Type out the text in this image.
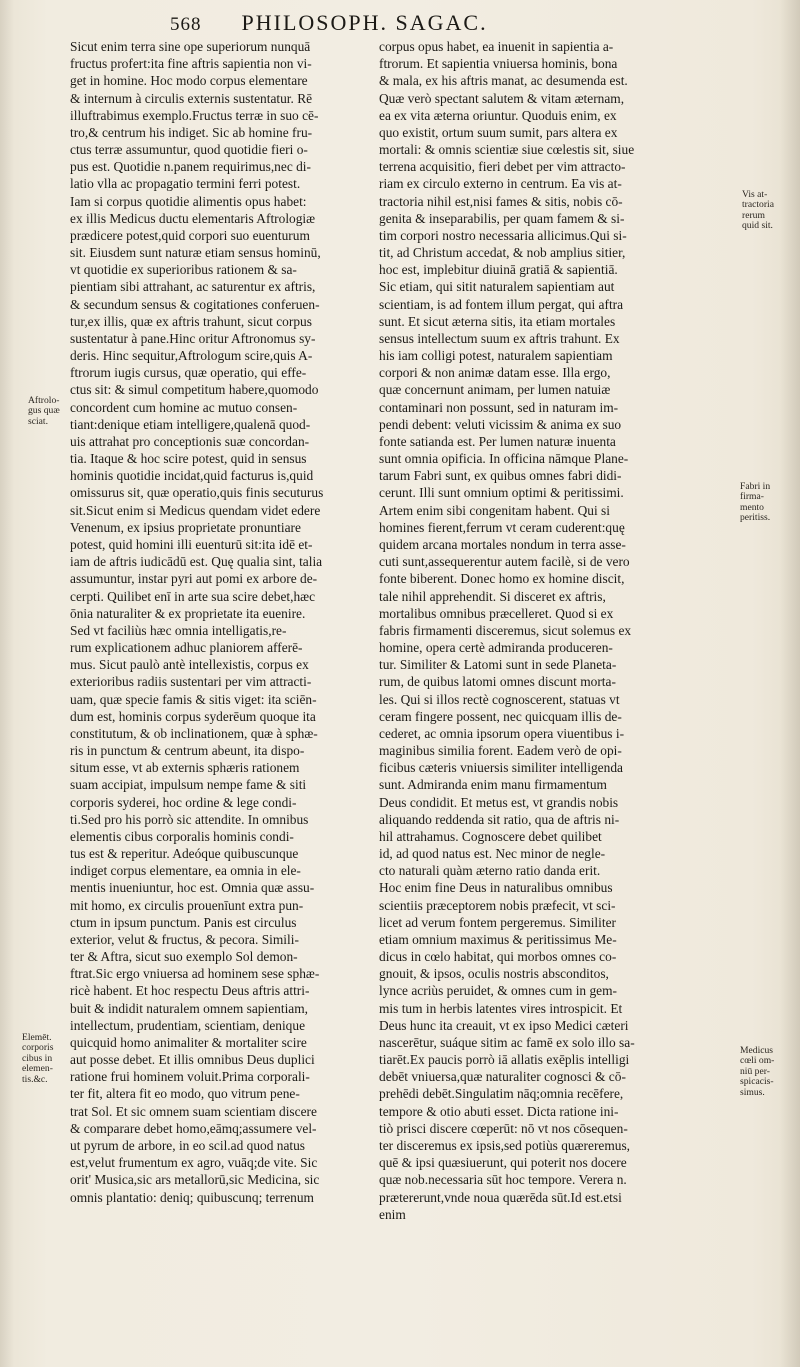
568 PHILOSOPH. SAGAC.
Sicut enim terra sine ope superiorum nunquā
fructus profert:ita fine aftris sapientia non vi-
get in homine. Hoc modo corpus elementare
& internum à circulis externis sustentatur. Rē
illuftrabimus exemplo.Fructus terræ in suo cē-
tro,& centrum his indiget. Sic ab homine fru-
ctus terræ assumuntur, quod quotidie fieri o-
pus est. Quotidie n.panem requirimus,nec di-
latio vlla ac propagatio termini ferri potest.
Iam si corpus quotidie alimentis opus habet:
ex illis Medicus ductu elementaris Aftrologiæ
prædicere potest,quid corpori suo euenturum
sit. Eiusdem sunt naturæ etiam sensus hominū,
vt quotidie ex superioribus rationem & sa-
pientiam sibi attrahant, ac saturentur ex aftris,
& secundum sensus & cogitationes conferuen-
tur,ex illis, quæ ex aftris trahunt, sicut corpus
sustentatur à pane.Hinc oritur Aftronomus sy-
deris. Hinc sequitur,Aftrologum scire,quis A-
ftrorum iugis cursus, quæ operatio, qui effe-
ctus sit: & simul competitum habere,quomodo
concordent cum homine ac mutuo consen-
tiant:denique etiam intelligere,qualenā quod-
uis attrahat pro conceptionis suæ concordan-
tia. Itaque & hoc scire potest, quid in sensus
hominis quotidie incidat,quid facturus is,quid
omissurus sit, quæ operatio,quis finis secuturus
sit.Sicut enim si Medicus quendam videt edere
Venenum, ex ipsius proprietate pronuntiare
potest, quid homini illi euenturū sit:ita idē et-
iam de aftris iudicādū est. Quę qualia sint, talia
assumuntur, instar pyri aut pomi ex arbore de-
cerpti. Quilibet enī in arte sua scire debet,hæc
ōnia naturaliter & ex proprietate ita euenire.
Sed vt faciliùs hæc omnia intelligatis,re-
rum explicationem adhuc planiorem afferē-
mus. Sicut paulò antè intellexistis, corpus ex
exterioribus radiis sustentari per vim attracti-
uam, quæ specie famis & sitis viget: ita sciēn-
dum est, hominis corpus syderēum quoque ita
constitutum, & ob inclinationem, quæ à sphæ-
ris in punctum & centrum abeunt, ita dispo-
situm esse, vt ab externis sphæris rationem
suam accipiat, impulsum nempe fame & siti
corporis syderei, hoc ordine & lege condi-
ti.Sed pro his porrò sic attendite. In omnibus
elementis cibus corporalis hominis condi-
tus est & reperitur. Adeóque quibuscunque
indiget corpus elementare, ea omnia in ele-
mentis inueniuntur, hoc est. Omnia quæ assu-
mit homo, ex circulis prouenīunt extra pun-
ctum in ipsum punctum. Panis est circulus
exterior, velut & fructus, & pecora. Simili-
ter & Aftra, sicut suo exemplo Sol demon-
ftrat.Sic ergo vniuersa ad hominem sese sphæ-
ricè habent. Et hoc respectu Deus aftris attri-
buit & indidit naturalem omnem sapientiam,
intellectum, prudentiam, scientiam, denique
quicquid homo animaliter & mortaliter scire
aut posse debet. Et illis omnibus Deus duplici
ratione frui hominem voluit.Prima corporali-
ter fit, altera fit eo modo, quo vitrum pene-
trat Sol. Et sic omnem suam scientiam discere
& comparare debet homo,eāmq;assumere vel-
ut pyrum de arbore, in eo scil.ad quod natus
est,velut frumentum ex agro, vuāq;de vite. Sic
orit' Musica,sic ars metallorū,sic Medicina, sic
omnis plantatio: deniq; quibuscunq; terrenum
corpus opus habet, ea inuenit in sapientia a-
ftrorum. Et sapientia vniuersa hominis, bona
& mala, ex his aftris manat, ac desumenda est.
Quæ verò spectant salutem & vitam æternam,
ea ex vita æterna oriuntur. Quoduis enim, ex
quo existit, ortum suum sumit, pars altera ex
mortali: & omnis scientiæ siue cœlestis sit, siue
terrena acquisitio, fieri debet per vim attracto-
riam ex circulo externo in centrum. Ea vis at-
tractoria nihil est,nisi fames & sitis, nobis cō-
genita & inseparabilis, per quam famem & si-
tim corpori nostro necessaria allicimus.Qui si-
tit, ad Christum accedat, & nob amplius sitier,
hoc est, implebitur diuinā gratiā & sapientiā.
Sic etiam, qui sitit naturalem sapientiam aut
scientiam, is ad fontem illum pergat, qui aftra
sunt. Et sicut æterna sitis, ita etiam mortales
sensus intellectum suum ex aftris trahunt. Ex
his iam colligi potest, naturalem sapientiam
corpori & non animæ datam esse. Illa ergo,
quæ concernunt animam, per lumen natuiæ
contaminari non possunt, sed in naturam im-
pendi debent: veluti vicissim & anima ex suo
fonte satianda est. Per lumen naturæ inuenta
sunt omnia opificia. In officina nāmque Plane-
tarum Fabri sunt, ex quibus omnes fabri didi-
cerunt. Illi sunt omnium optimi & peritissimi.
Artem enim sibi congenitam habent. Qui si
homines fierent,ferrum vt ceram cuderent:quę
quidem arcana mortales nondum in terra asse-
cuti sunt,assequerentur autem facilè, si de vero
fonte biberent. Donec homo ex homine discit,
tale nihil apprehendit. Si disceret ex aftris,
mortalibus omnibus præcelleret. Quod si ex
fabris firmamenti disceremus, sicut solemus ex
homine, opera certè admiranda produceren-
tur. Similiter & Latomi sunt in sede Planeta-
rum, de quibus latomi omnes discunt morta-
les. Qui si illos rectè cognoscerent, statuas vt
ceram fingere possent, nec quicquam illis de-
cederet, ac omnia ipsorum opera viuentibus i-
maginibus similia forent. Eadem verò de opi-
ficibus cæteris vniuersis similiter intelligenda
sunt. Admiranda enim manu firmamentum
Deus condidit. Et metus est, vt grandis nobis
aliquando reddenda sit ratio, qua de aftris ni-
hil attrahamus. Cognoscere debet quilibet
id, ad quod natus est. Nec minor de negle-
cto naturali quàm æterno ratio danda erit.
Hoc enim fine Deus in naturalibus omnibus
scientiis præceptorem nobis præfecit, vt sci-
licet ad verum fontem pergeremus. Similiter
etiam omnium maximus & peritissimus Me-
dicus in cœlo habitat, qui morbos omnes co-
gnouit, & ipsos, oculis nostris absconditos,
lynce acriùs peruidet, & omnes cum in gem-
mis tum in herbis latentes vires introspicit. Et
Deus hunc ita creauit, vt ex ipso Medici cæteri
nascerētur, suáque sitim ac famē ex solo illo sa-
tiarēt.Ex paucis porrò iā allatis exēplis intelligi
debēt vniuersa,quæ naturaliter cognosci & cō-
prehēdi debēt.Singulatim nāq;omnia recēfere,
tempore & otio abuti esset. Dicta ratione ini-
tiò prisci discere cœperūt: nō vt nos cōsequen-
ter disceremus ex ipsis,sed potiùs quæreremus,
quē & ipsi quæsiuerunt, qui poterit nos docere
quæ nob.necessaria sūt hoc tempore. Verera n.
prætererunt,vnde noua quærēda sūt.Id est.etsi
enim
Aftrolo-
gus quæ
sciat.
Elemēt.
corporis
cibus in
elemen-
tis.&c.
Vis at-
tractoria
rerum
quid sit.
Fabri in
firma-
mento
peritiss.
Medicus
cœli om-
niū per-
spicacis-
simus.
